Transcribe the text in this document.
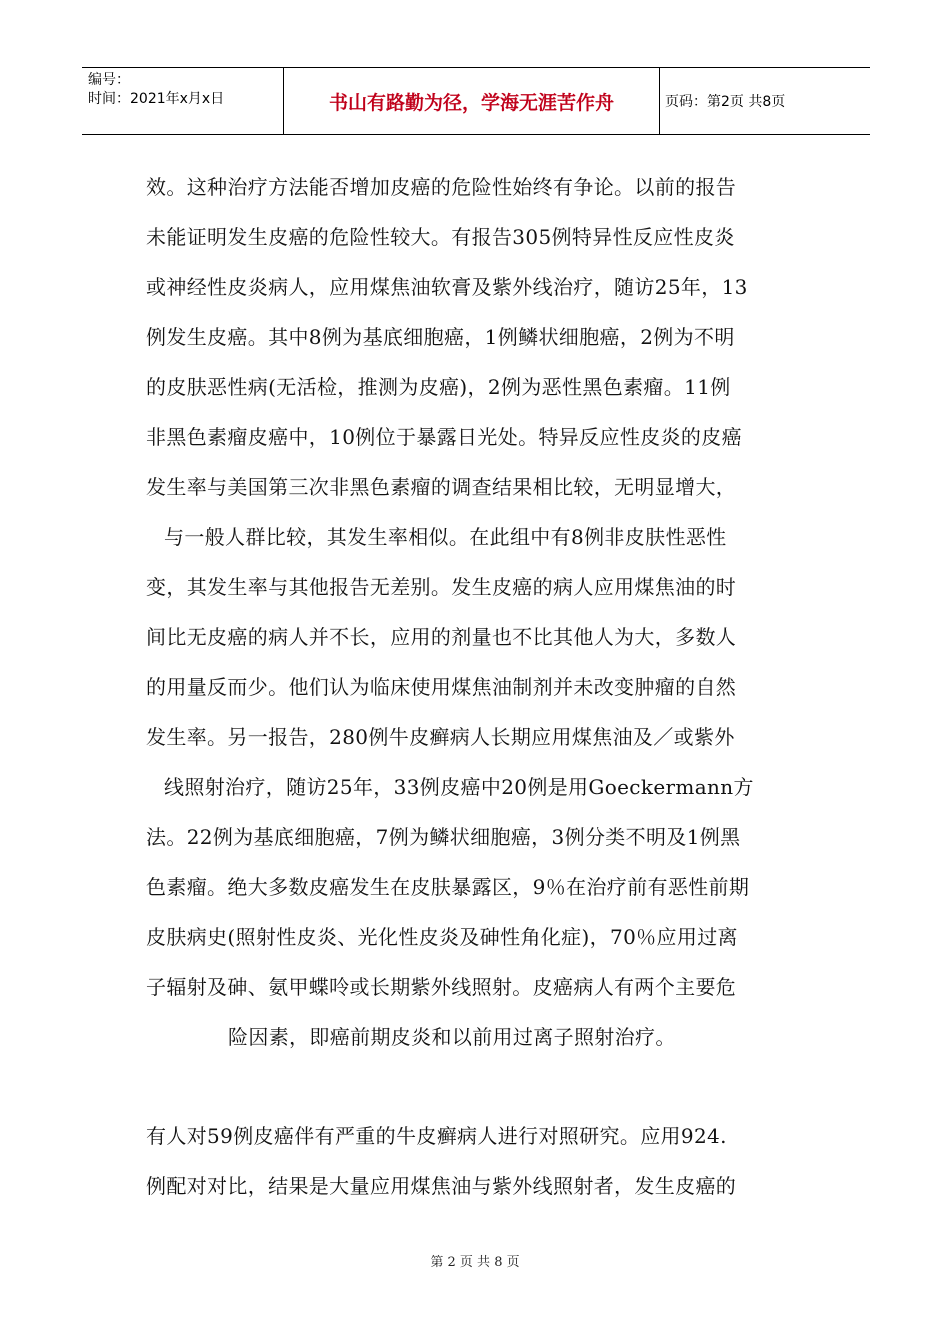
编号：
时间：2021年x月x日	书山有路勤为径，学海无涯苦作舟	页码：第2页 共8页
效。这种治疗方法能否增加皮癌的危险性始终有争论。以前的报告
未能证明发生皮癌的危险性较大。有报告305例特异性反应性皮炎
或神经性皮炎病人，应用煤焦油软膏及紫外线治疗，随访25年，13
例发生皮癌。其中8例为基底细胞癌，1例鳞状细胞癌，2例为不明
的皮肤恶性病(无活检，推测为皮癌)，2例为恶性黑色素瘤。11例
非黑色素瘤皮癌中，10例位于暴露日光处。特异反应性皮炎的皮癌
发生率与美国第三次非黑色素瘤的调查结果相比较，无明显增大，
与一般人群比较，其发生率相似。在此组中有8例非皮肤性恶性
变，其发生率与其他报告无差别。发生皮癌的病人应用煤焦油的时
间比无皮癌的病人并不长，应用的剂量也不比其他人为大，多数人
的用量反而少。他们认为临床使用煤焦油制剂并未改变肿瘤的自然
发生率。另一报告，280例牛皮癣病人长期应用煤焦油及／或紫外
线照射治疗，随访25年，33例皮癌中20例是用Goeckermann方
法。22例为基底细胞癌，7例为鳞状细胞癌，3例分类不明及1例黑
色素瘤。绝大多数皮癌发生在皮肤暴露区，9％在治疗前有恶性前期
皮肤病史(照射性皮炎、光化性皮炎及砷性角化症)，70％应用过离
子辐射及砷、氨甲蝶呤或长期紫外线照射。皮癌病人有两个主要危
险因素，即癌前期皮炎和以前用过离子照射治疗。
有人对59例皮癌伴有严重的牛皮癣病人进行对照研究。应用924.
例配对对比，结果是大量应用煤焦油与紫外线照射者，发生皮癌的
第 2 页 共 8 页
